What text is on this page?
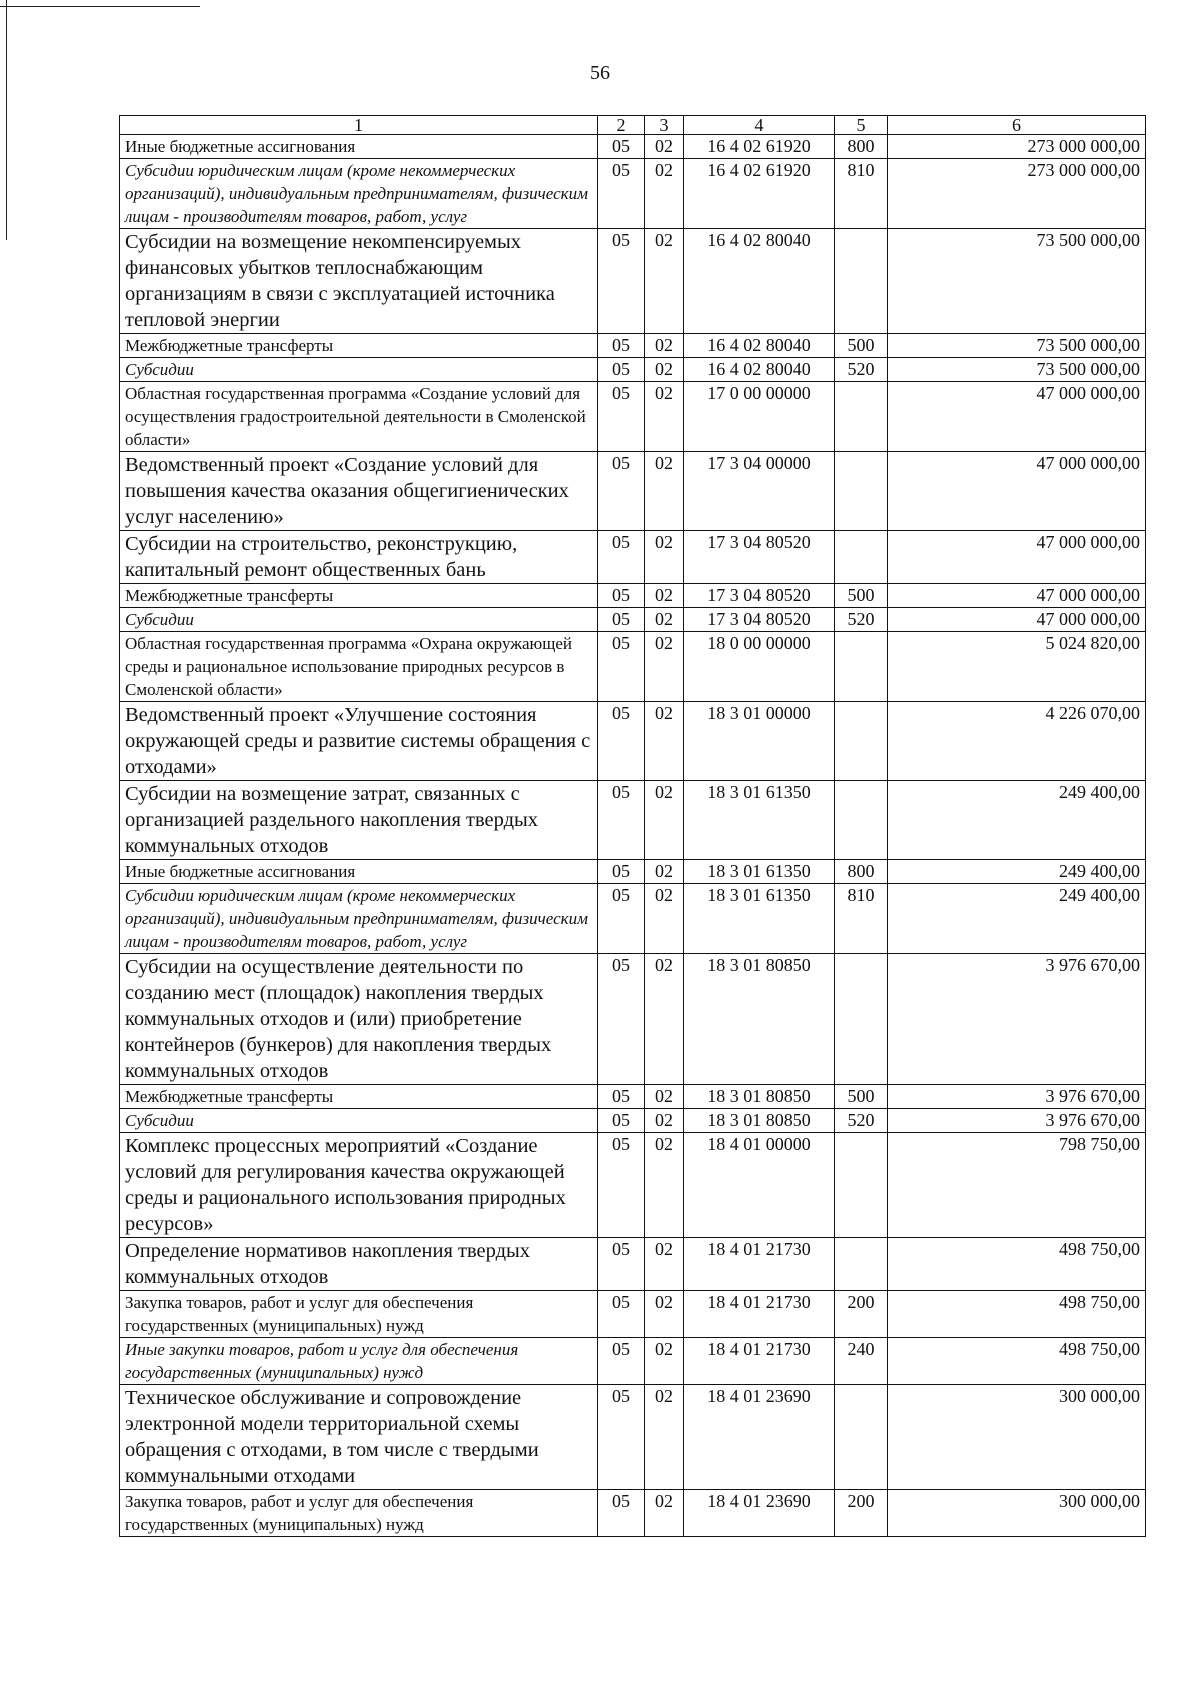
56
1	2	3	4	5	6
Иные бюджетные ассигнования	05	02	16 4 02 61920	800	273 000 000,00
Субсидии юридическим лицам (кроме некоммерческих организаций), индивидуальным предпринимателям, физическим лицам - производителям товаров, работ, услуг	05	02	16 4 02 61920	810	273 000 000,00
Субсидии на возмещение некомпенсируемых финансовых убытков теплоснабжающим организациям в связи с эксплуатацией источника тепловой энергии	05	02	16 4 02 80040		73 500 000,00
Межбюджетные трансферты	05	02	16 4 02 80040	500	73 500 000,00
Субсидии	05	02	16 4 02 80040	520	73 500 000,00
Областная государственная программа «Создание условий для осуществления градостроительной деятельности в Смоленской области»	05	02	17 0 00 00000		47 000 000,00
Ведомственный проект «Создание условий для повышения качества оказания общегигиенических услуг населению»	05	02	17 3 04 00000		47 000 000,00
Субсидии на строительство, реконструкцию, капитальный ремонт общественных бань	05	02	17 3 04 80520		47 000 000,00
Межбюджетные трансферты	05	02	17 3 04 80520	500	47 000 000,00
Субсидии	05	02	17 3 04 80520	520	47 000 000,00
Областная государственная программа «Охрана окружающей среды и рациональное использование природных ресурсов в Смоленской области»	05	02	18 0 00 00000		5 024 820,00
Ведомственный проект «Улучшение состояния окружающей среды и развитие системы обращения с отходами»	05	02	18 3 01 00000		4 226 070,00
Субсидии на возмещение затрат, связанных с организацией раздельного накопления твердых коммунальных отходов	05	02	18 3 01 61350		249 400,00
Иные бюджетные ассигнования	05	02	18 3 01 61350	800	249 400,00
Субсидии юридическим лицам (кроме некоммерческих организаций), индивидуальным предпринимателям, физическим лицам - производителям товаров, работ, услуг	05	02	18 3 01 61350	810	249 400,00
Субсидии на осуществление деятельности по созданию мест (площадок) накопления твердых коммунальных отходов и (или) приобретение контейнеров (бункеров) для накопления твердых коммунальных отходов	05	02	18 3 01 80850		3 976 670,00
Межбюджетные трансферты	05	02	18 3 01 80850	500	3 976 670,00
Субсидии	05	02	18 3 01 80850	520	3 976 670,00
Комплекс процессных мероприятий «Создание условий для регулирования качества окружающей среды и рационального использования природных ресурсов»	05	02	18 4 01 00000		798 750,00
Определение нормативов накопления твердых коммунальных отходов	05	02	18 4 01 21730		498 750,00
Закупка товаров, работ и услуг для обеспечения государственных (муниципальных) нужд	05	02	18 4 01 21730	200	498 750,00
Иные закупки товаров, работ и услуг для обеспечения государственных (муниципальных) нужд	05	02	18 4 01 21730	240	498 750,00
Техническое обслуживание и сопровождение электронной модели территориальной схемы обращения с отходами, в том числе с твердыми коммунальными отходами	05	02	18 4 01 23690		300 000,00
Закупка товаров, работ и услуг для обеспечения государственных (муниципальных) нужд	05	02	18 4 01 23690	200	300 000,00
